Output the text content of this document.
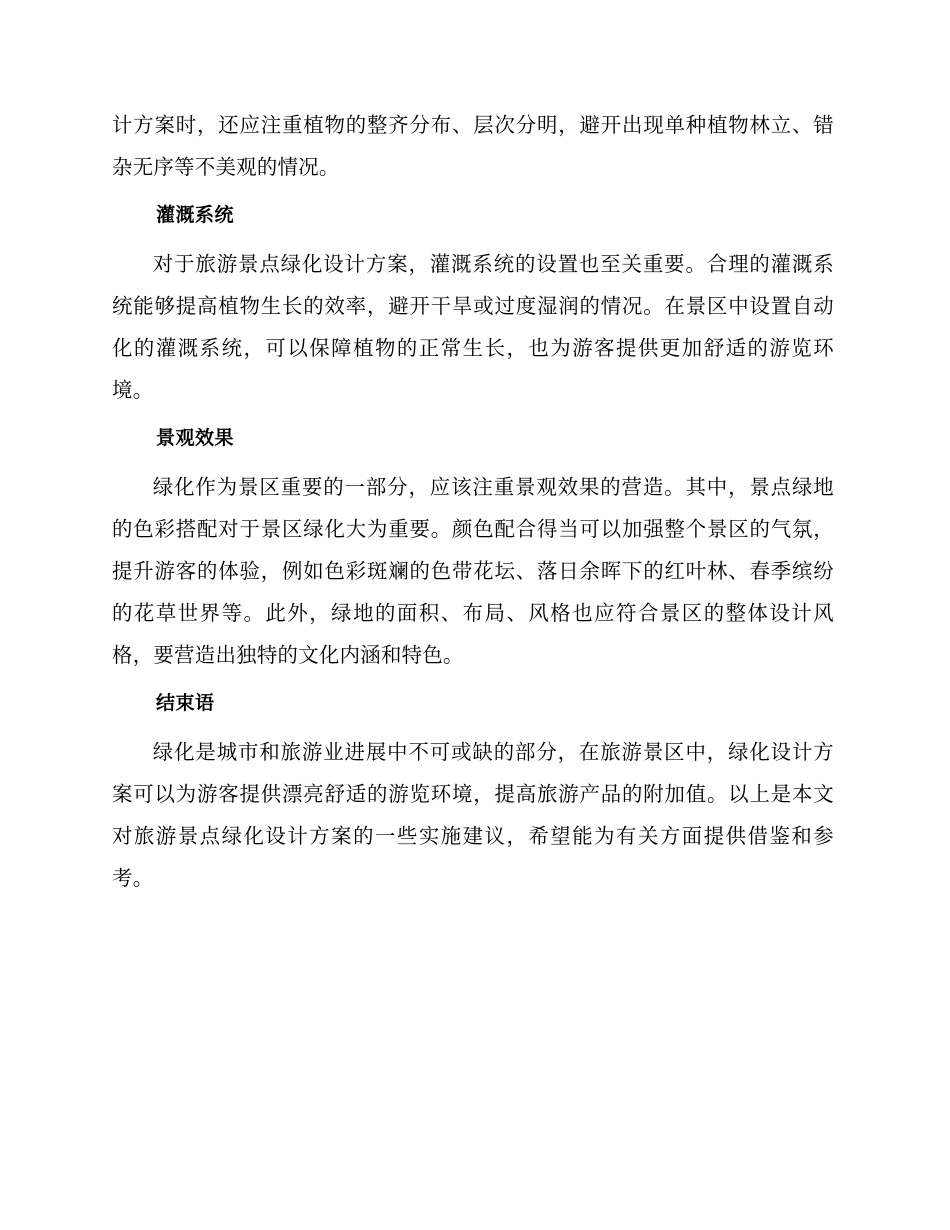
计方案时，还应注重植物的整齐分布、层次分明，避开出现单种植物林立、错杂无序等不美观的情况。

灌溉系统

对于旅游景点绿化设计方案，灌溉系统的设置也至关重要。合理的灌溉系统能够提高植物生长的效率，避开干旱或过度湿润的情况。在景区中设置自动化的灌溉系统，可以保障植物的正常生长，也为游客提供更加舒适的游览环境。

景观效果

绿化作为景区重要的一部分，应该注重景观效果的营造。其中，景点绿地的色彩搭配对于景区绿化大为重要。颜色配合得当可以加强整个景区的气氛，提升游客的体验，例如色彩斑斓的色带花坛、落日余晖下的红叶林、春季缤纷的花草世界等。此外，绿地的面积、布局、风格也应符合景区的整体设计风格，要营造出独特的文化内涵和特色。

结束语

绿化是城市和旅游业进展中不可或缺的部分，在旅游景区中，绿化设计方案可以为游客提供漂亮舒适的游览环境，提高旅游产品的附加值。以上是本文对旅游景点绿化设计方案的一些实施建议，希望能为有关方面提供借鉴和参考。
